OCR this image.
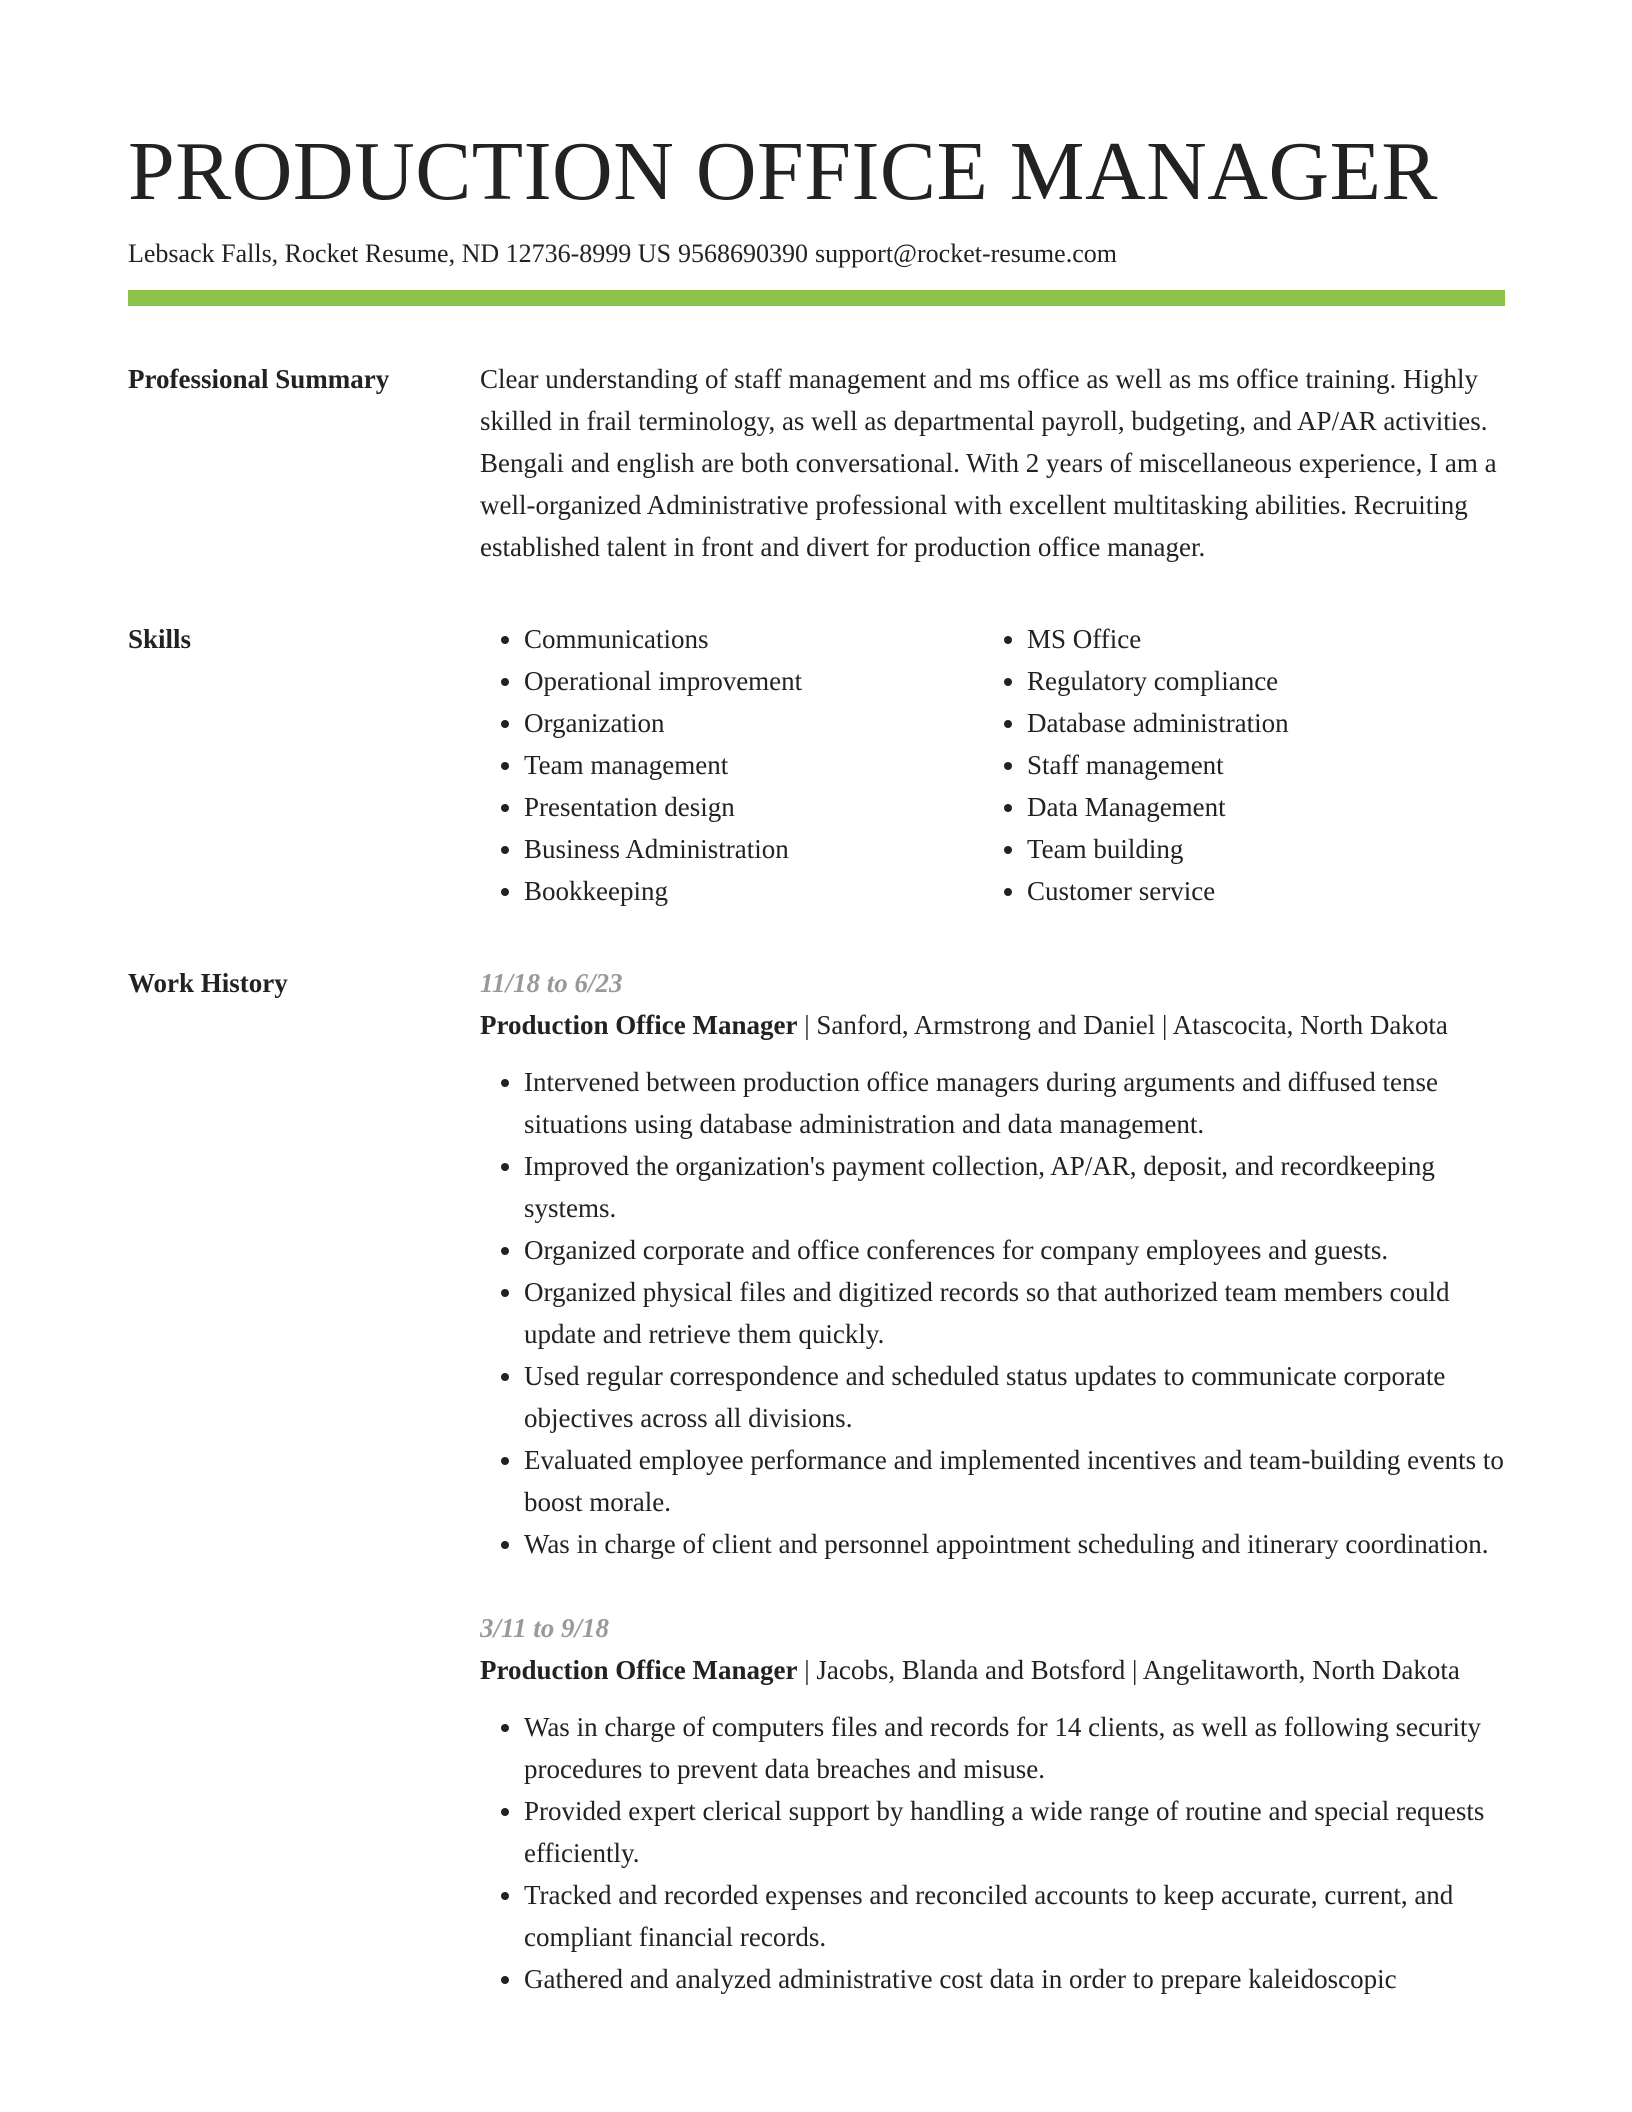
PRODUCTION OFFICE MANAGER
Lebsack Falls, Rocket Resume, ND 12736-8999 US 9568690390 support@rocket-resume.com
Professional Summary	Clear understanding of staff management and ms office as well as ms office training. Highly skilled in frail terminology, as well as departmental payroll, budgeting, and AP/AR activities. Bengali and english are both conversational. With 2 years of miscellaneous experience, I am a well-organized Administrative professional with excellent multitasking abilities. Recruiting established talent in front and divert for production office manager.

Skills
•	Communications
• Operational improvement
• Organization
• Team management
• Presentation design
• Business Administration
• Bookkeeping
• MS Office
• Regulatory compliance
• Database administration
• Staff management
• Data Management
• Team building
• Customer service
Work History	11/18 to 6/23
Production Office Manager | Sanford, Armstrong and Daniel | Atascocita, North Dakota
• Intervened between production office managers during arguments and diffused tense situations using database administration and data management.
• Improved the organization's payment collection, AP/AR, deposit, and recordkeeping systems.
• Organized corporate and office conferences for company employees and guests.
• Organized physical files and digitized records so that authorized team members could update and retrieve them quickly.
• Used regular correspondence and scheduled status updates to communicate corporate objectives across all divisions.
• Evaluated employee performance and implemented incentives and team-building events to boost morale.
• Was in charge of client and personnel appointment scheduling and itinerary coordination.
3/11 to 9/18
Production Office Manager | Jacobs, Blanda and Botsford | Angelitaworth, North Dakota
• Was in charge of computers files and records for 14 clients, as well as following security procedures to prevent data breaches and misuse.
• Provided expert clerical support by handling a wide range of routine and special requests efficiently.
• Tracked and recorded expenses and reconciled accounts to keep accurate, current, and compliant financial records.
• Gathered and analyzed administrative cost data in order to prepare kaleidoscopic
